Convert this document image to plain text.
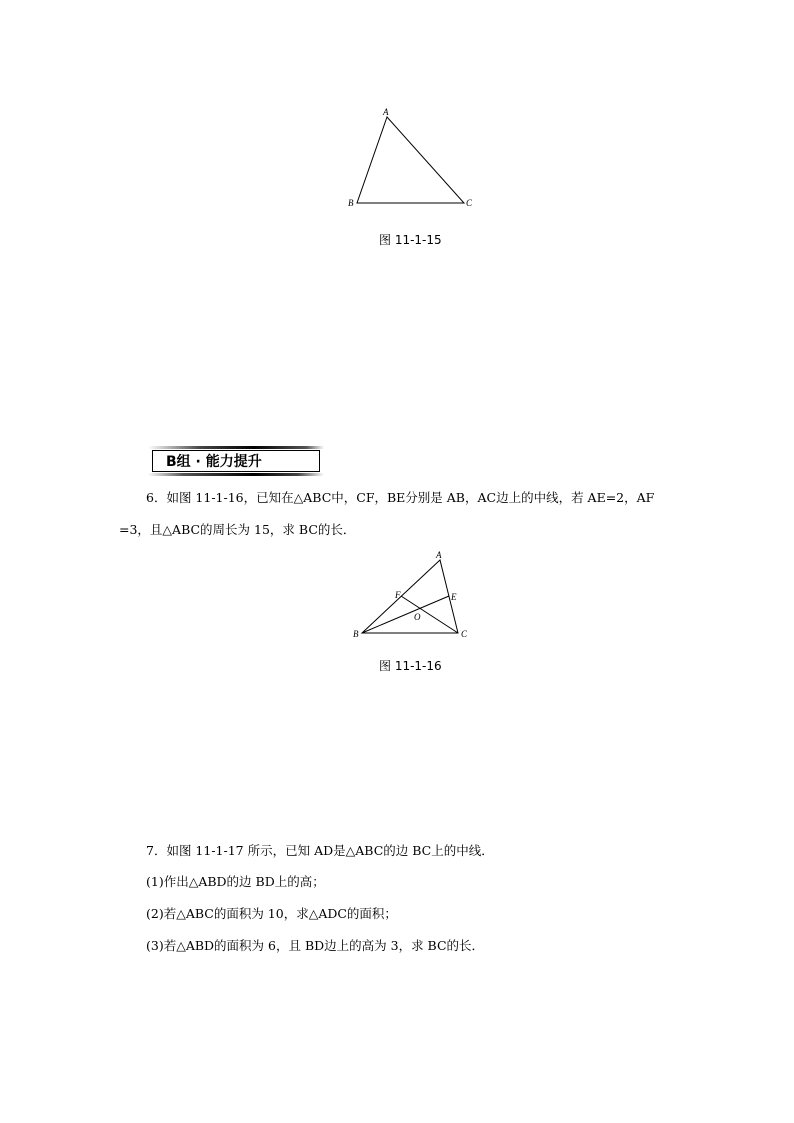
A
B	C
图 11-1-15
B组 · 能力提升
6．如图 11-1-16，已知在△ABC中，CF，BE分别是 AB，AC边上的中线，若 AE=2，AF
=3，且△ABC的周长为 15，求 BC的长．
A
B	C
E
F
O
图 11-1-16
7．如图 11-1-17 所示，已知 AD是△ABC的边 BC上的中线．
(1)作出△ABD的边 BD上的高；
(2)若△ABC的面积为 10，求△ADC的面积；
(3)若△ABD的面积为 6，且 BD边上的高为 3，求 BC的长．
